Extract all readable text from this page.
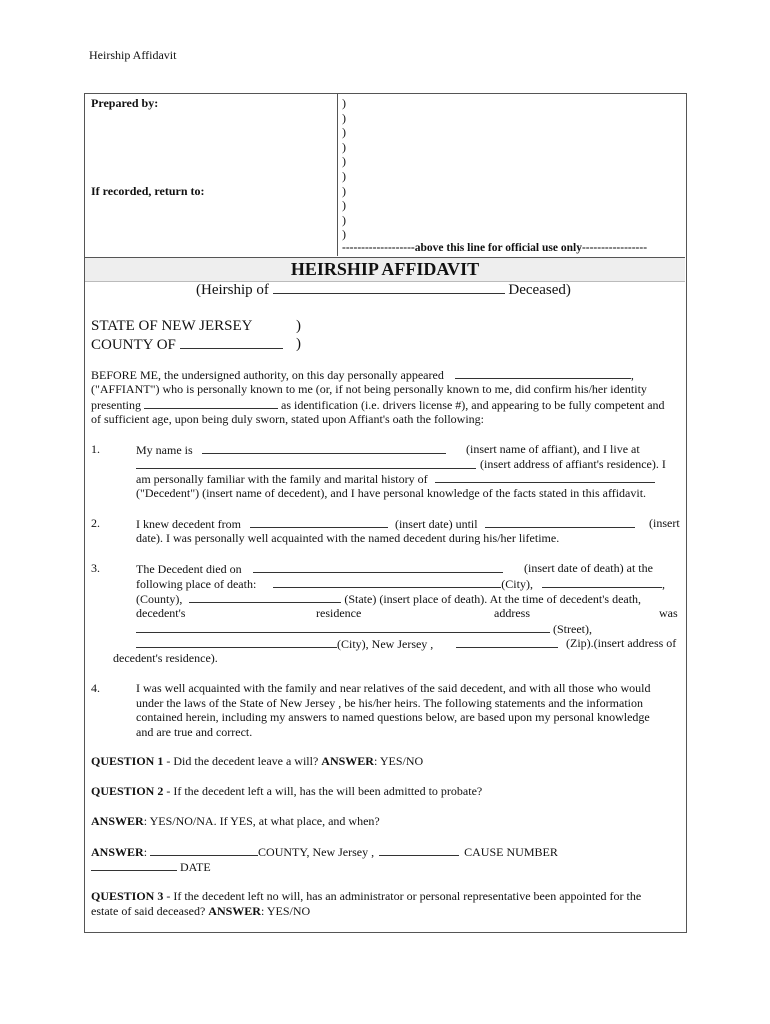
Heirship Affidavit
Prepared by:
If recorded, return to:
)
)
)
)
)
)
)
)
)
)
-------------------above this line for official use only-----------------
HEIRSHIP AFFIDAVIT
(Heirship of	Deceased)
STATE OF NEW JERSEY	)
COUNTY OF	)
BEFORE ME, the undersigned authority, on this day personally appeared	,
("AFFIANT") who is personally known to me (or, if not being personally known to me, did confirm his/her identity
presenting	as identification (i.e. drivers license #), and appearing to be fully competent and
of sufficient age, upon being duly sworn, stated upon Affiant's oath the following:
1.	My name is	(insert name of affiant), and I live at
(insert address of affiant's residence). I
am personally familiar with the family and marital history of
("Decedent") (insert name of decedent), and I have personal knowledge of the facts stated in this affidavit.
2.	I knew decedent from	(insert date) until	(insert
date). I was personally well acquainted with the named decedent during his/her lifetime.
3.	The Decedent died on	(insert date of death) at the
following place of death:	(City),	,
(County),	(State) (insert place of death). At the time of decedent's death,
decedent's	residence	address	was
(Street),
(City), New Jersey ,	(Zip).(insert address of
decedent's residence).
4.	I was well acquainted with the family and near relatives of the said decedent, and with all those who would
under the laws of the State of New Jersey , be his/her heirs. The following statements and the information
contained herein, including my answers to named questions below, are based upon my personal knowledge
and are true and correct.
QUESTION 1 - Did the decedent leave a will? ANSWER: YES/NO
QUESTION 2 - If the decedent left a will, has the will been admitted to probate?
ANSWER: YES/NO/NA. If YES, at what place, and when?
ANSWER:	COUNTY, New Jersey ,	CAUSE NUMBER
DATE
QUESTION 3 - If the decedent left no will, has an administrator or personal representative been appointed for the
estate of said deceased? ANSWER: YES/NO
